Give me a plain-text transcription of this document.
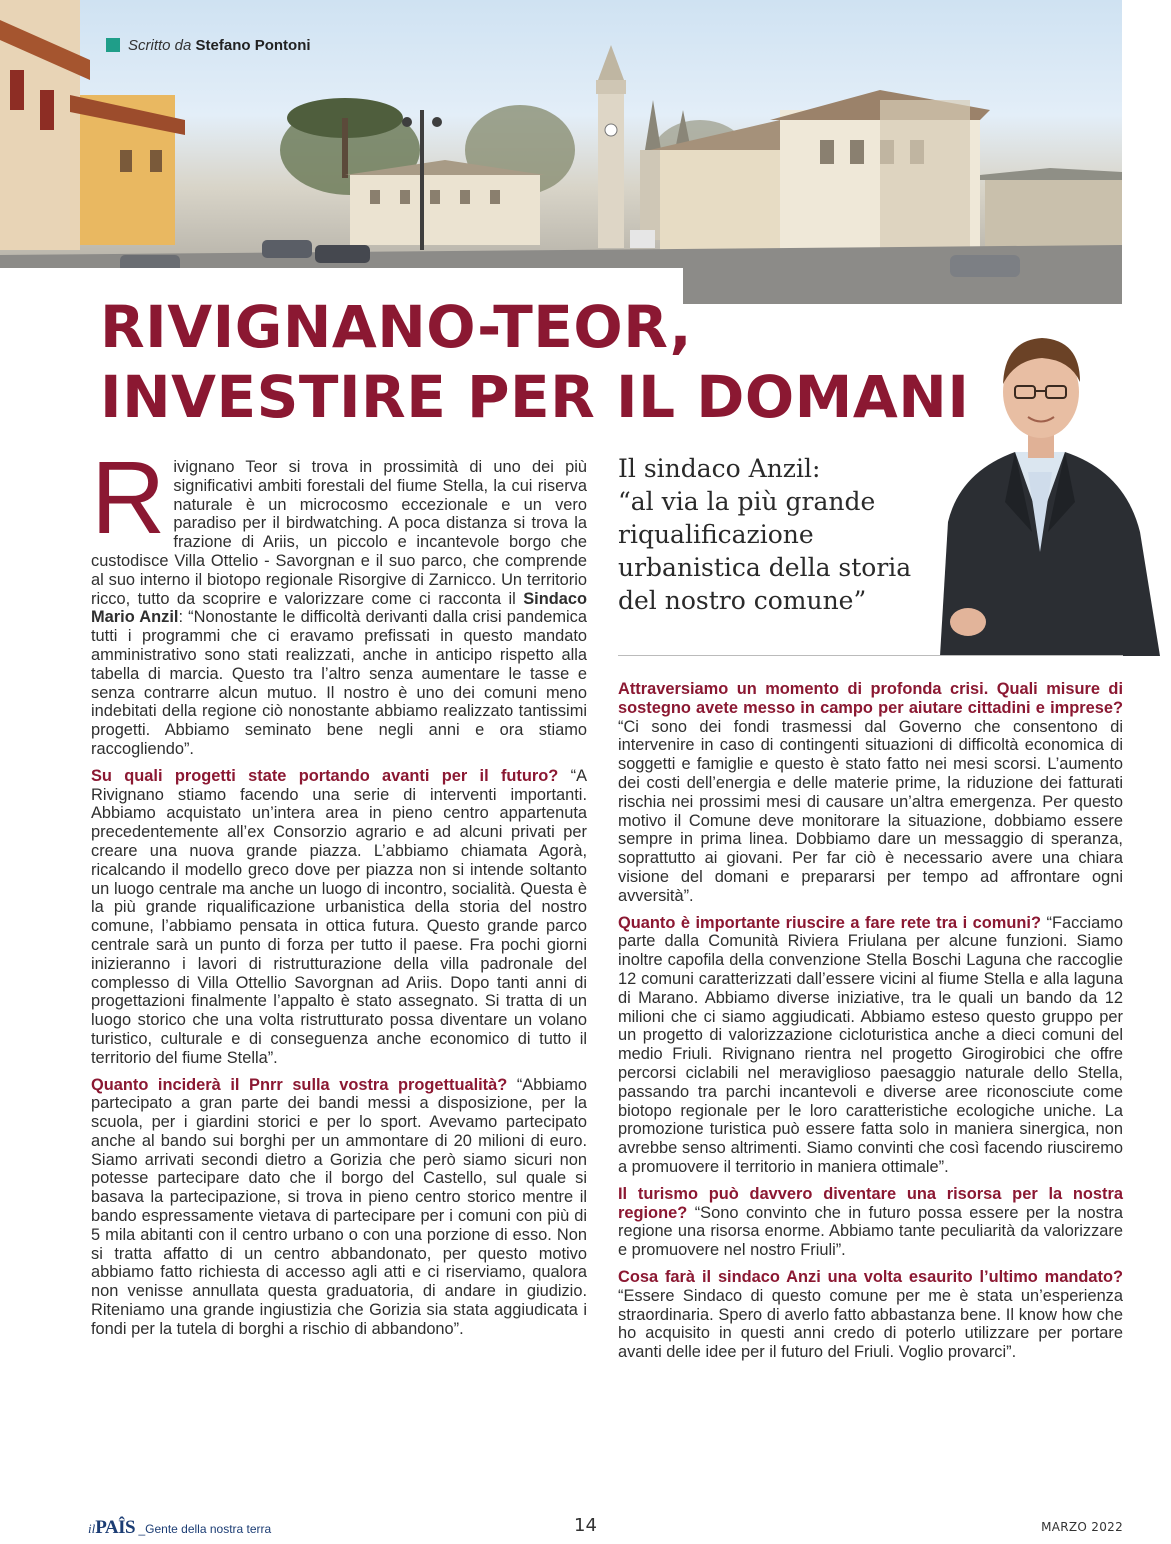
Scritto da Stefano Pontoni
RIVIGNANO-TEOR,
INVESTIRE PER IL DOMANI
Il sindaco Anzil:
“al via la più grande
riqualificazione
urbanistica della storia
del nostro comune”

Rivignano Teor si trova in prossimità di uno dei più significativi ambiti forestali del fiume Stella, la cui riserva naturale è un microcosmo eccezionale e un vero paradiso per il birdwatching. A poca distanza si trova la frazione di Ariis, un piccolo e incantevole borgo che custodisce Villa Ottelio - Savorgnan e il suo parco, che comprende al suo interno il biotopo regionale Risorgive di Zarnicco. Un territorio ricco, tutto da scoprire e valorizzare come ci racconta il Sindaco Mario Anzil: “Nonostante le difficoltà derivanti dalla crisi pandemica tutti i programmi che ci eravamo prefissati in questo mandato amministrativo sono stati realizzati, anche in anticipo rispetto alla tabella di marcia. Questo tra l’altro senza aumentare le tasse e senza contrarre alcun mutuo. Il nostro è uno dei comuni meno indebitati della regione ciò nonostante abbiamo realizzato tantissimi progetti. Abbiamo seminato bene negli anni e ora stiamo raccogliendo”.

Su quali progetti state portando avanti per il futuro? “A Rivignano stiamo facendo una serie di interventi importanti. Abbiamo acquistato un’intera area in pieno centro appartenuta precedentemente all’ex Consorzio agrario e ad alcuni privati per creare una nuova grande piazza. L’abbiamo chiamata Agorà, ricalcando il modello greco dove per piazza non si intende soltanto un luogo centrale ma anche un luogo di incontro, socialità. Questa è la più grande riqualificazione urbanistica della storia del nostro comune, l’abbiamo pensata in ottica futura. Questo grande parco centrale sarà un punto di forza per tutto il paese. Fra pochi giorni inizieranno i lavori di ristrutturazione della villa padronale del complesso di Villa Ottellio Savorgnan ad Ariis. Dopo tanti anni di progettazioni finalmente l’appalto è stato assegnato. Si tratta di un luogo storico che una volta ristrutturato possa diventare un volano turistico, culturale e di conseguenza anche economico di tutto il territorio del fiume Stella”.

Quanto inciderà il Pnrr sulla vostra progettualità? “Abbiamo partecipato a gran parte dei bandi messi a disposizione, per la scuola, per i giardini storici e per lo sport. Avevamo partecipato anche al bando sui borghi per un ammontare di 20 milioni di euro. Siamo arrivati secondi dietro a Gorizia che però siamo sicuri non potesse partecipare dato che il borgo del Castello, sul quale si basava la partecipazione, si trova in pieno centro storico mentre il bando espressamente vietava di partecipare per i comuni con più di 5 mila abitanti con il centro urbano o con una porzione di esso. Non si tratta affatto di un centro abbandonato, per questo motivo abbiamo fatto richiesta di accesso agli atti e ci riserviamo, qualora non venisse annullata questa graduatoria, di andare in giudizio. Riteniamo una grande ingiustizia che Gorizia sia stata aggiudicata i fondi per la tutela di borghi a rischio di abbandono”.

Attraversiamo un momento di profonda crisi. Quali misure di sostegno avete messo in campo per aiutare cittadini e imprese? “Ci sono dei fondi trasmessi dal Governo che consentono di intervenire in caso di contingenti situazioni di difficoltà economica di soggetti e famiglie e questo è stato fatto nei mesi scorsi. L’aumento dei costi dell’energia e delle materie prime, la riduzione dei fatturati rischia nei prossimi mesi di causare un’altra emergenza. Per questo motivo il Comune deve monitorare la situazione, dobbiamo essere sempre in prima linea. Dobbiamo dare un messaggio di speranza, soprattutto ai giovani. Per far ciò è necessario avere una chiara visione del domani e prepararsi per tempo ad affrontare ogni avversità”.

Quanto è importante riuscire a fare rete tra i comuni? “Facciamo parte dalla Comunità Riviera Friulana per alcune funzioni. Siamo inoltre capofila della convenzione Stella Boschi Laguna che raccoglie 12 comuni caratterizzati dall’essere vicini al fiume Stella e alla laguna di Marano. Abbiamo diverse iniziative, tra le quali un bando da 12 milioni che ci siamo aggiudicati. Abbiamo esteso questo gruppo per un progetto di valorizzazione cicloturistica anche a dieci comuni del medio Friuli. Rivignano rientra nel progetto Girogirobici che offre percorsi ciclabili nel meraviglioso paesaggio naturale dello Stella, passando tra parchi incantevoli e diverse aree riconosciute come biotopo regionale per le loro caratteristiche ecologiche uniche. La promozione turistica può essere fatta solo in maniera sinergica, non avrebbe senso altrimenti. Siamo convinti che così facendo riusciremo a promuovere il territorio in maniera ottimale”.

Il turismo può davvero diventare una risorsa per la nostra regione? “Sono convinto che in futuro possa essere per la nostra regione una risorsa enorme. Abbiamo tante peculiarità da valorizzare e promuovere nel nostro Friuli”.

Cosa farà il sindaco Anzi una volta esaurito l’ultimo mandato? “Essere Sindaco di questo comune per me è stata un’esperienza straordinaria. Spero di averlo fatto abbastanza bene. Il know how che ho acquisito in questi anni credo di poterlo utilizzare per portare avanti delle idee per il futuro del Friuli. Voglio provarci”.

ilPAÎS _Gente della nostra terra	14	MARZO 2022
